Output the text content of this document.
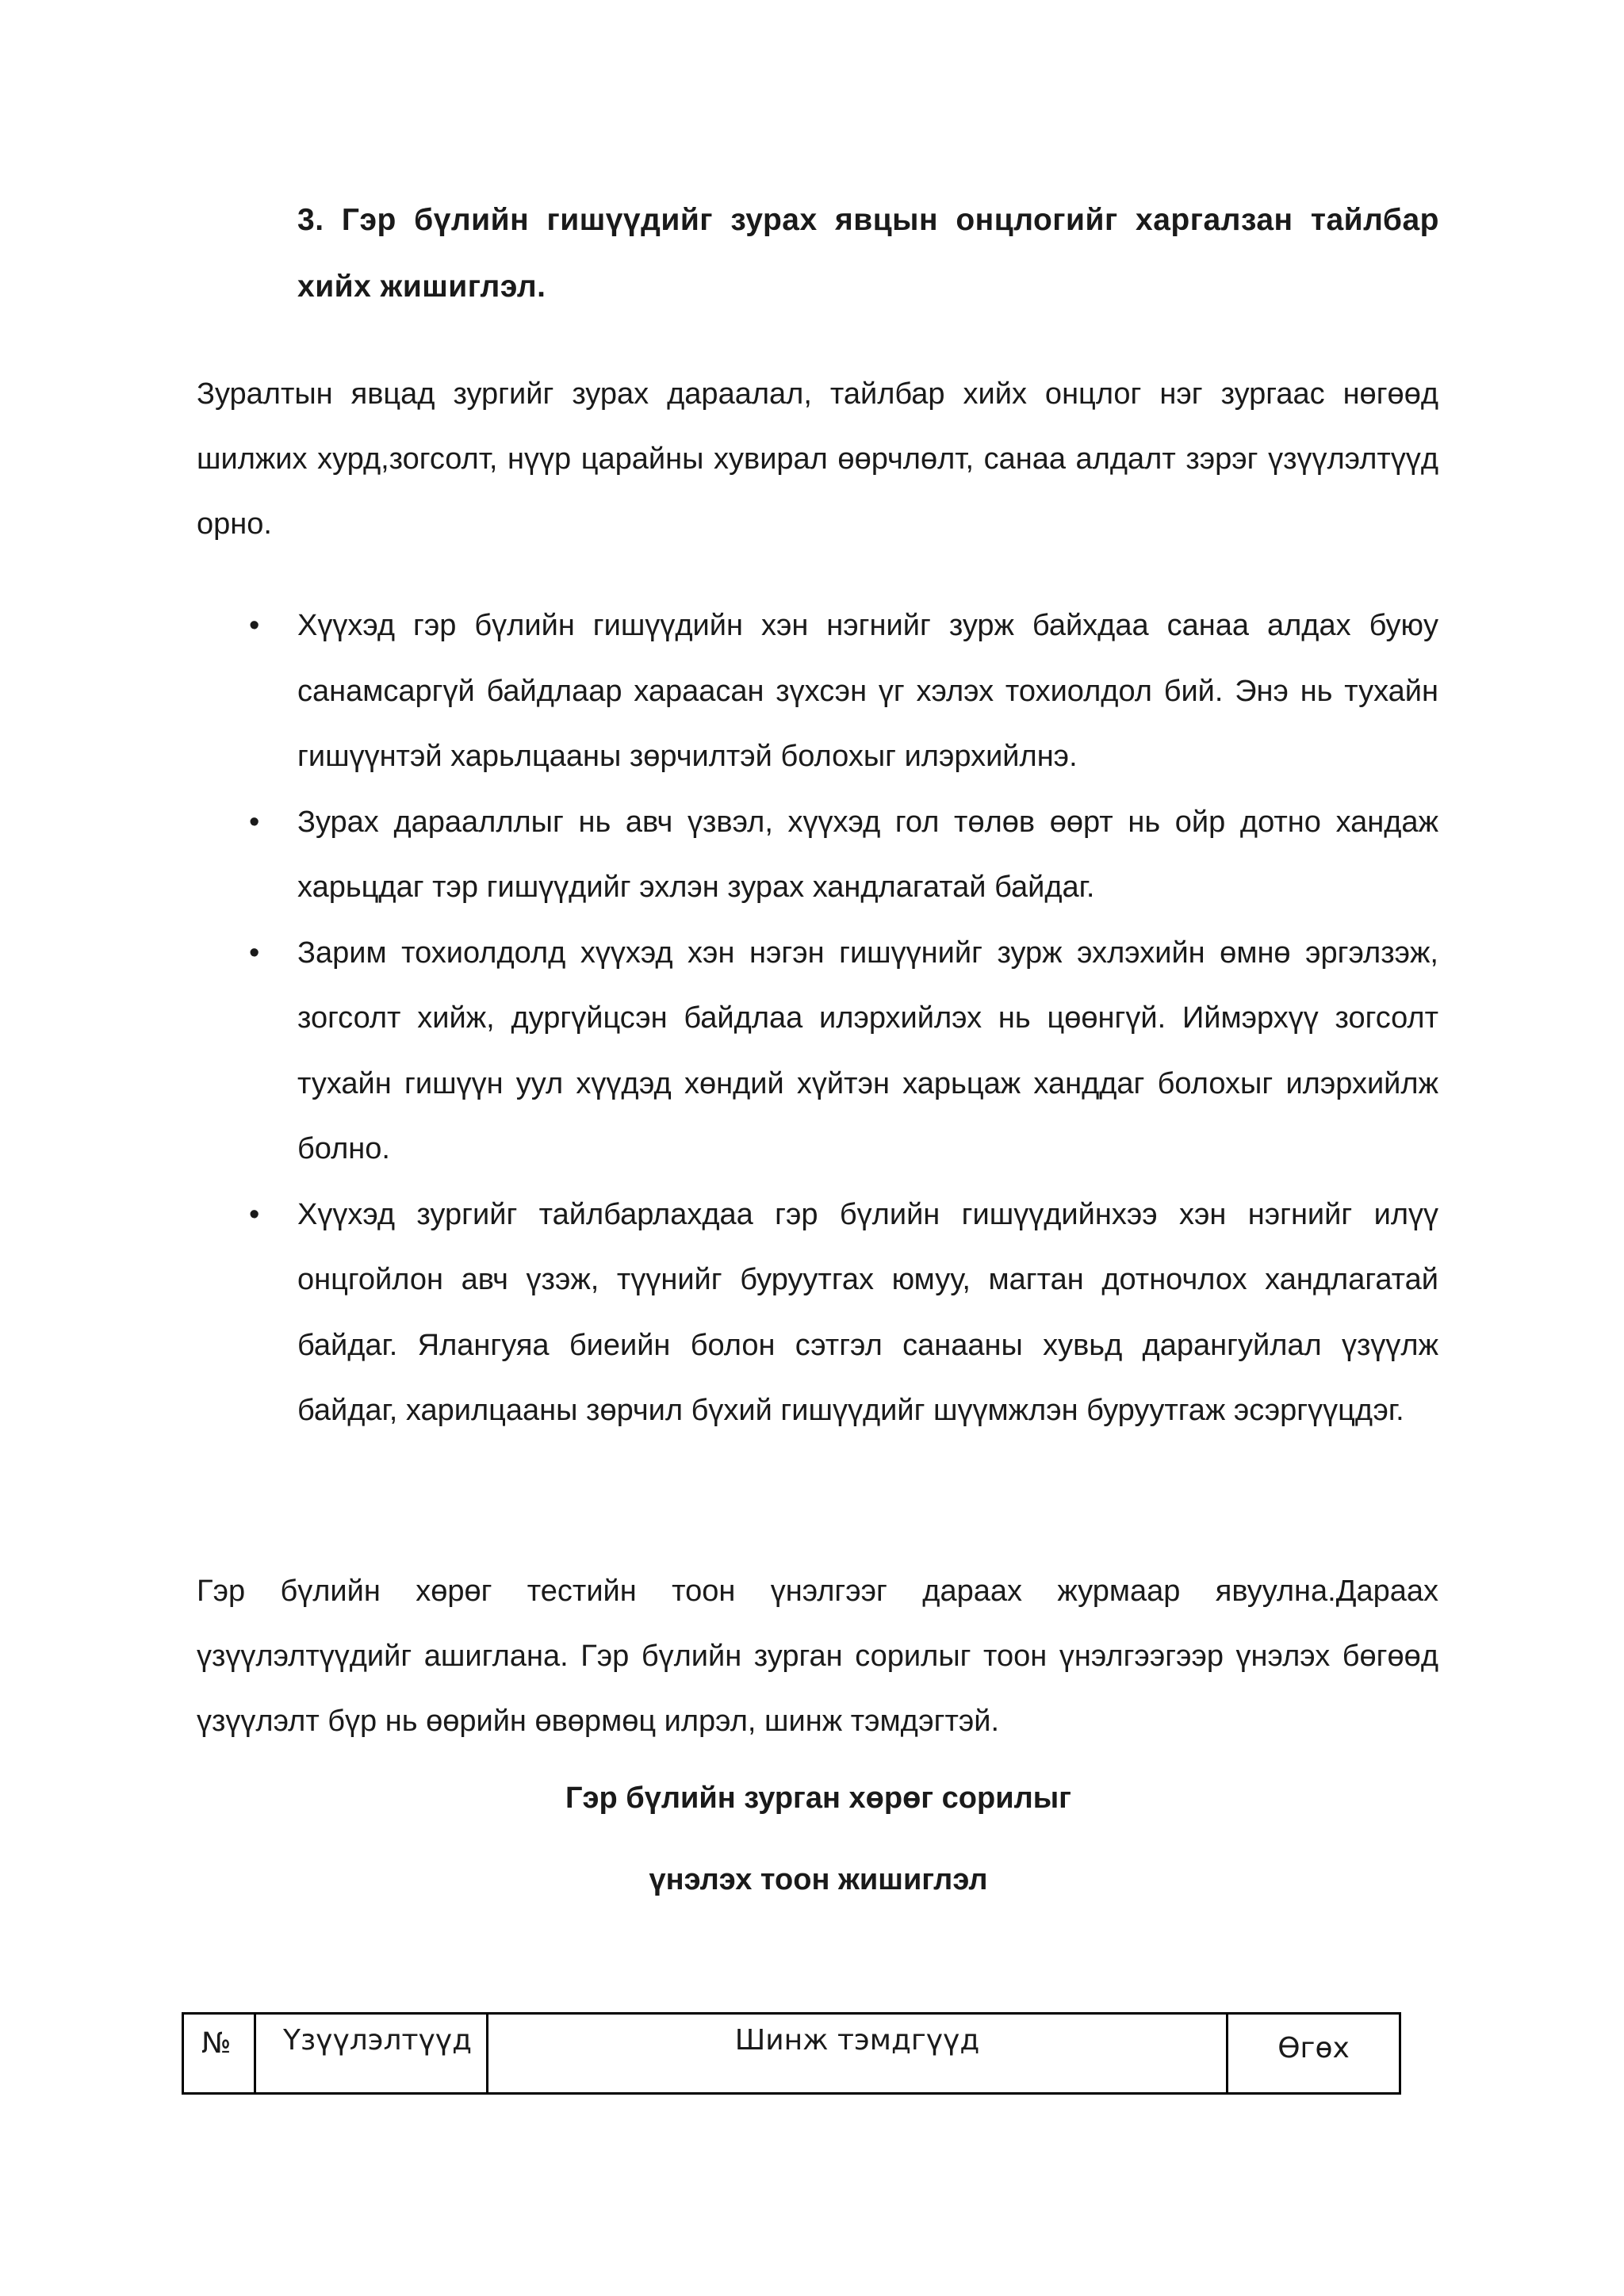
3. Гэр бүлийн гишүүдийг зурах явцын онцлогийг харгалзан тайлбар хийх жишиглэл.
Зуралтын явцад зургийг зурах дараалал, тайлбар хийх онцлог нэг зургаас нөгөөд шилжих хурд,зогсолт, нүүр царайны хувирал өөрчлөлт, санаа алдалт зэрэг үзүүлэлтүүд орно.
• Хүүхэд гэр бүлийн гишүүдийн хэн нэгнийг зурж байхдаа санаа алдах буюу санамсаргүй байдлаар хараасан зүхсэн үг хэлэх тохиолдол бий. Энэ нь тухайн гишүүнтэй харьлцааны зөрчилтэй болохыг илэрхийлнэ.
• Зурах дараалллыг нь авч үзвэл, хүүхэд гол төлөв өөрт нь ойр дотно хандаж харьцдаг тэр гишүүдийг эхлэн зурах хандлагатай байдаг.
• Зарим тохиолдолд хүүхэд хэн нэгэн гишүүнийг зурж эхлэхийн өмнө эргэлзэж, зогсолт хийж, дургүйцсэн байдлаа илэрхийлэх нь цөөнгүй. Иймэрхүү зогсолт тухайн гишүүн уул хүүдэд хөндий хүйтэн харьцаж ханддаг болохыг илэрхийлж болно.
• Хүүхэд зургийг тайлбарлахдаа гэр бүлийн гишүүдийнхээ хэн нэгнийг илүү онцгойлон авч үзэж, түүнийг буруутгах юмуу, магтан дотночлох хандлагатай байдаг. Ялангуяа биеийн болон сэтгэл санааны хувьд дарангуйлал үзүүлж байдаг, харилцааны зөрчил бүхий гишүүдийг шүүмжлэн буруутгаж эсэргүүцдэг.
Гэр бүлийн хөрөг тестийн тоон үнэлгээг дараах журмаар явуулна.Дараах үзүүлэлтүүдийг ашиглана. Гэр бүлийн зурган сорилыг тоон үнэлгээгээр үнэлэх бөгөөд үзүүлэлт бүр нь өөрийн өвөрмөц илрэл, шинж тэмдэгтэй.
Гэр бүлийн зурган хөрөг сорилыг
үнэлэх тоон жишиглэл
№	Үзүүлэлтүүд	Шинж тэмдгүүд	Өгөх
